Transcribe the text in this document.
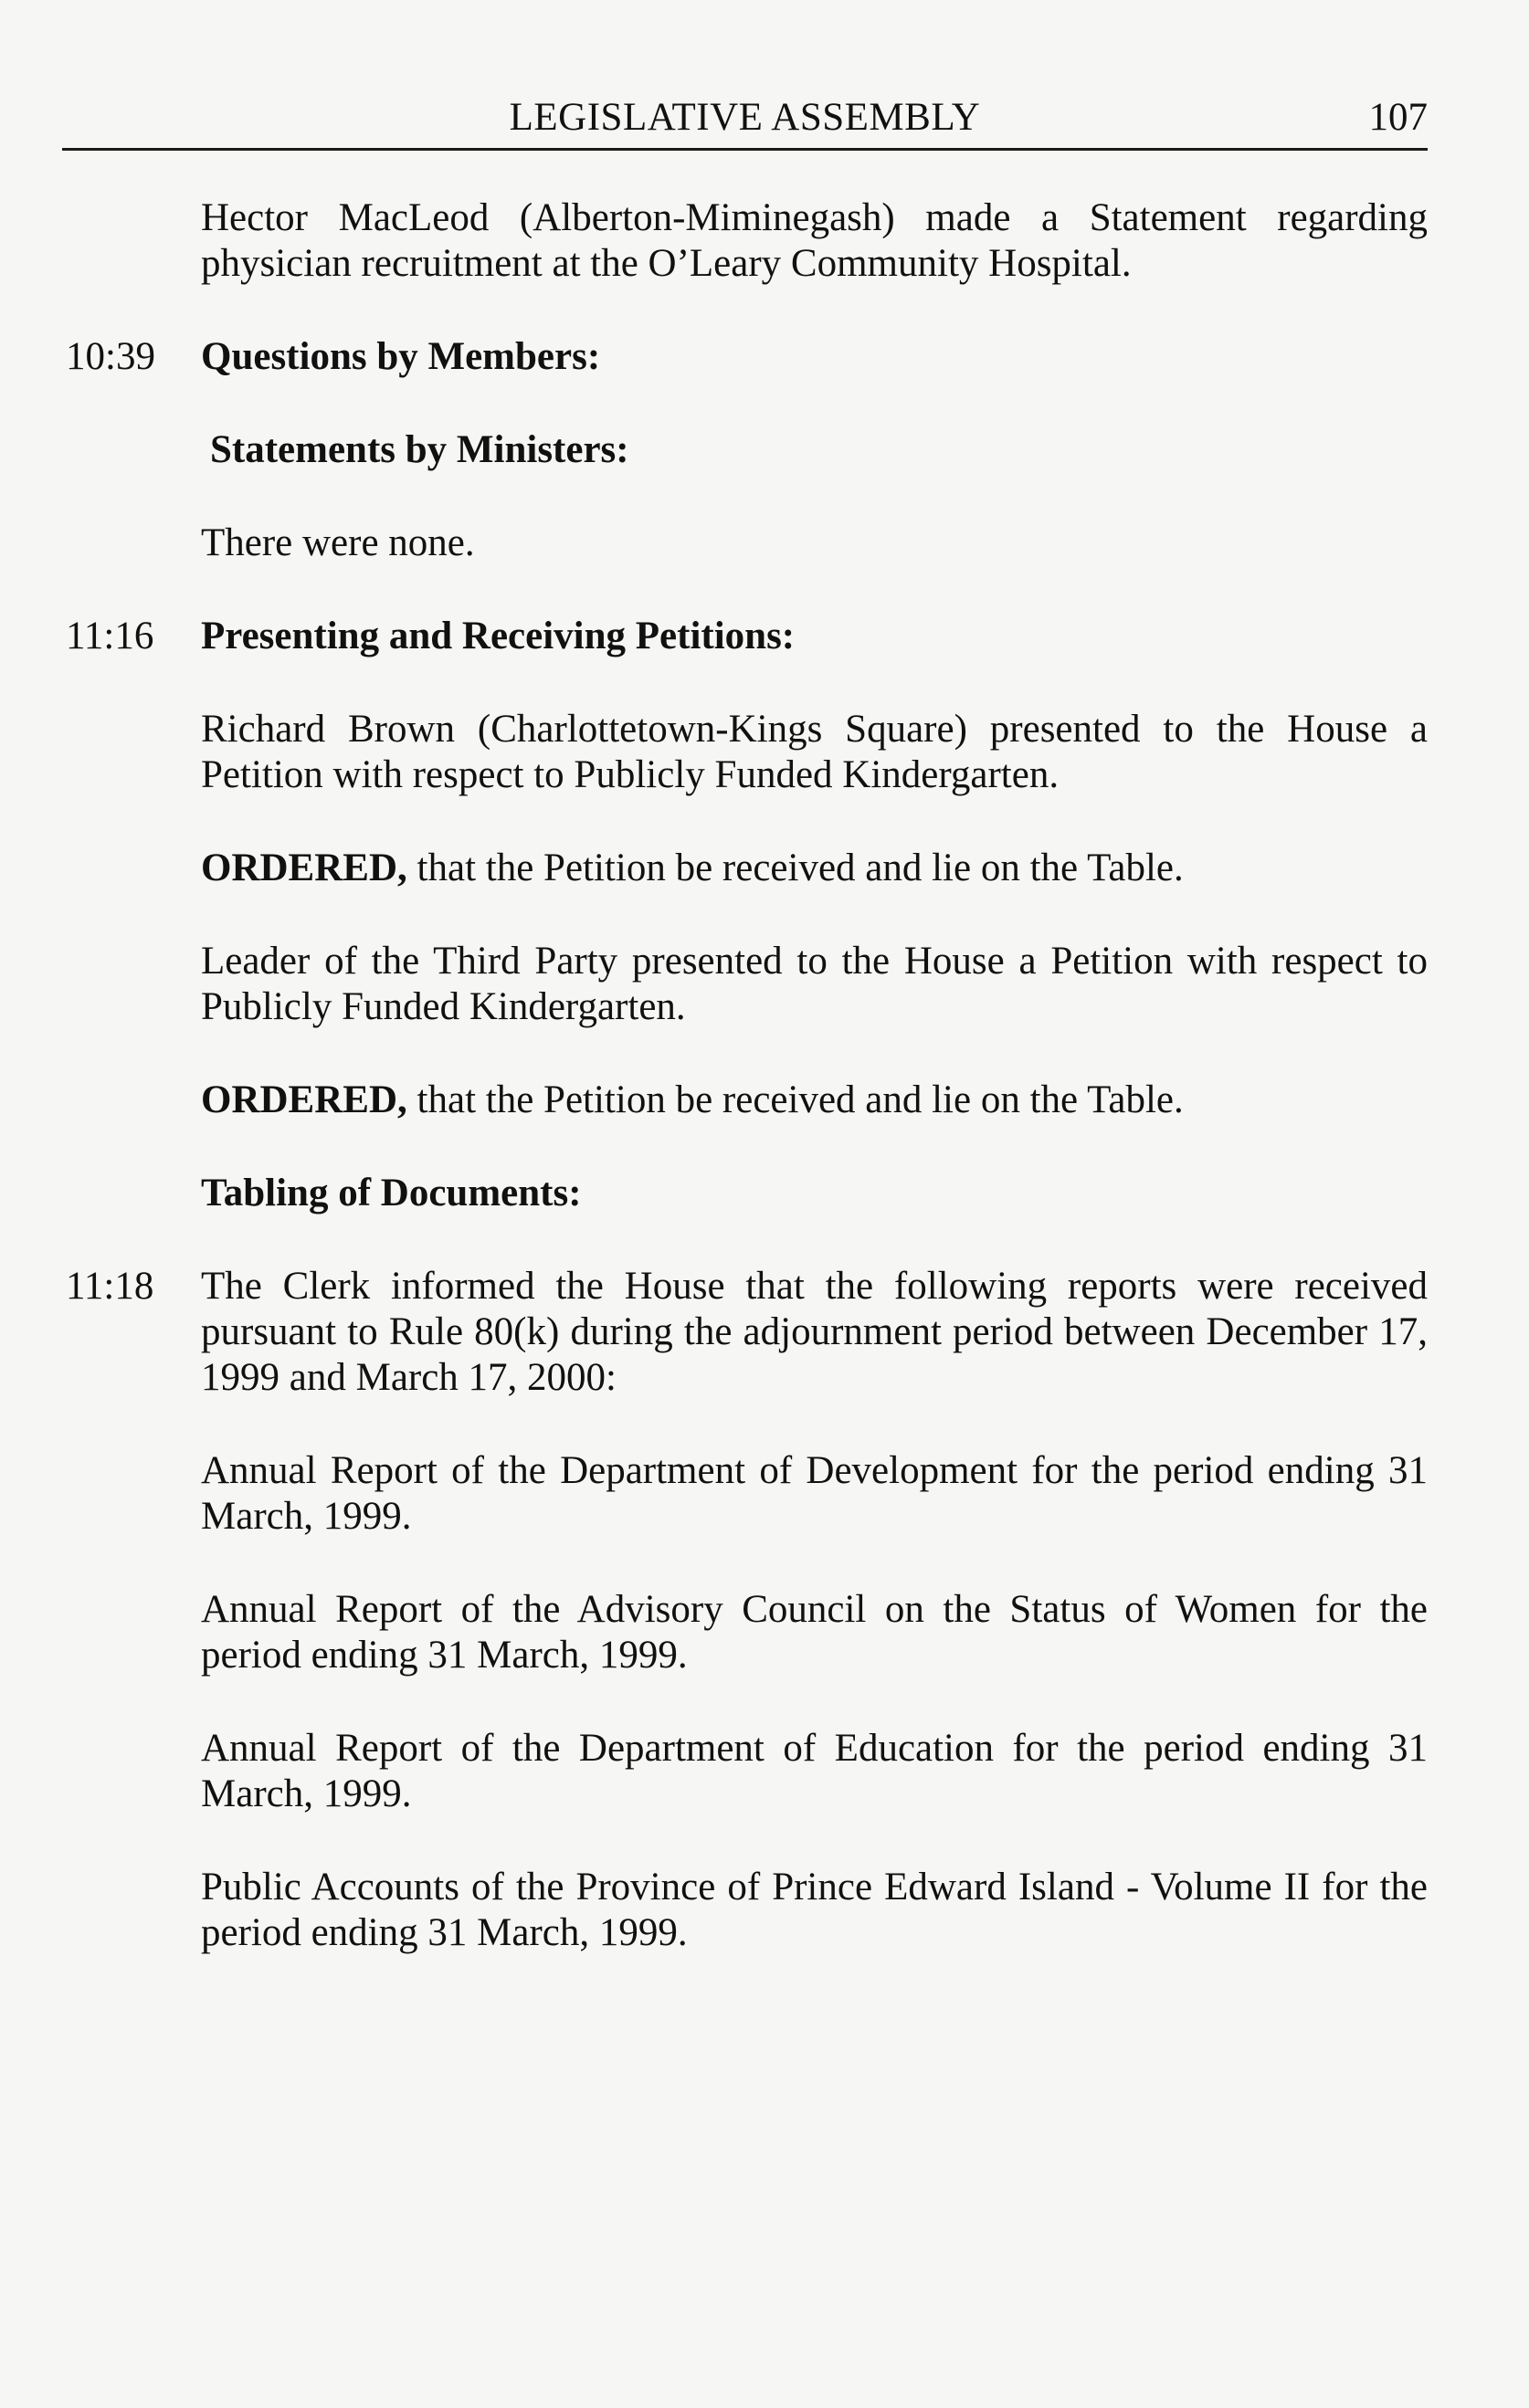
LEGISLATIVE ASSEMBLY	107
Hector MacLeod (Alberton-Miminegash) made a Statement regarding physician recruitment at the O’Leary Community Hospital.
10:39 Questions by Members:
Statements by Ministers:
There were none.
11:16 Presenting and Receiving Petitions:
Richard Brown (Charlottetown-Kings Square) presented to the House a Petition with respect to Publicly Funded Kindergarten.
ORDERED, that the Petition be received and lie on the Table.
Leader of the Third Party presented to the House a Petition with respect to Publicly Funded Kindergarten.
ORDERED, that the Petition be received and lie on the Table.
Tabling of Documents:
11:18 The Clerk informed the House that the following reports were received pursuant to Rule 80(k) during the adjournment period between December 17, 1999 and March 17, 2000:
Annual Report of the Department of Development for the period ending 31 March, 1999.
Annual Report of the Advisory Council on the Status of Women for the period ending 31 March, 1999.
Annual Report of the Department of Education for the period ending 31 March, 1999.
Public Accounts of the Province of Prince Edward Island - Volume II for the period ending 31 March, 1999.
